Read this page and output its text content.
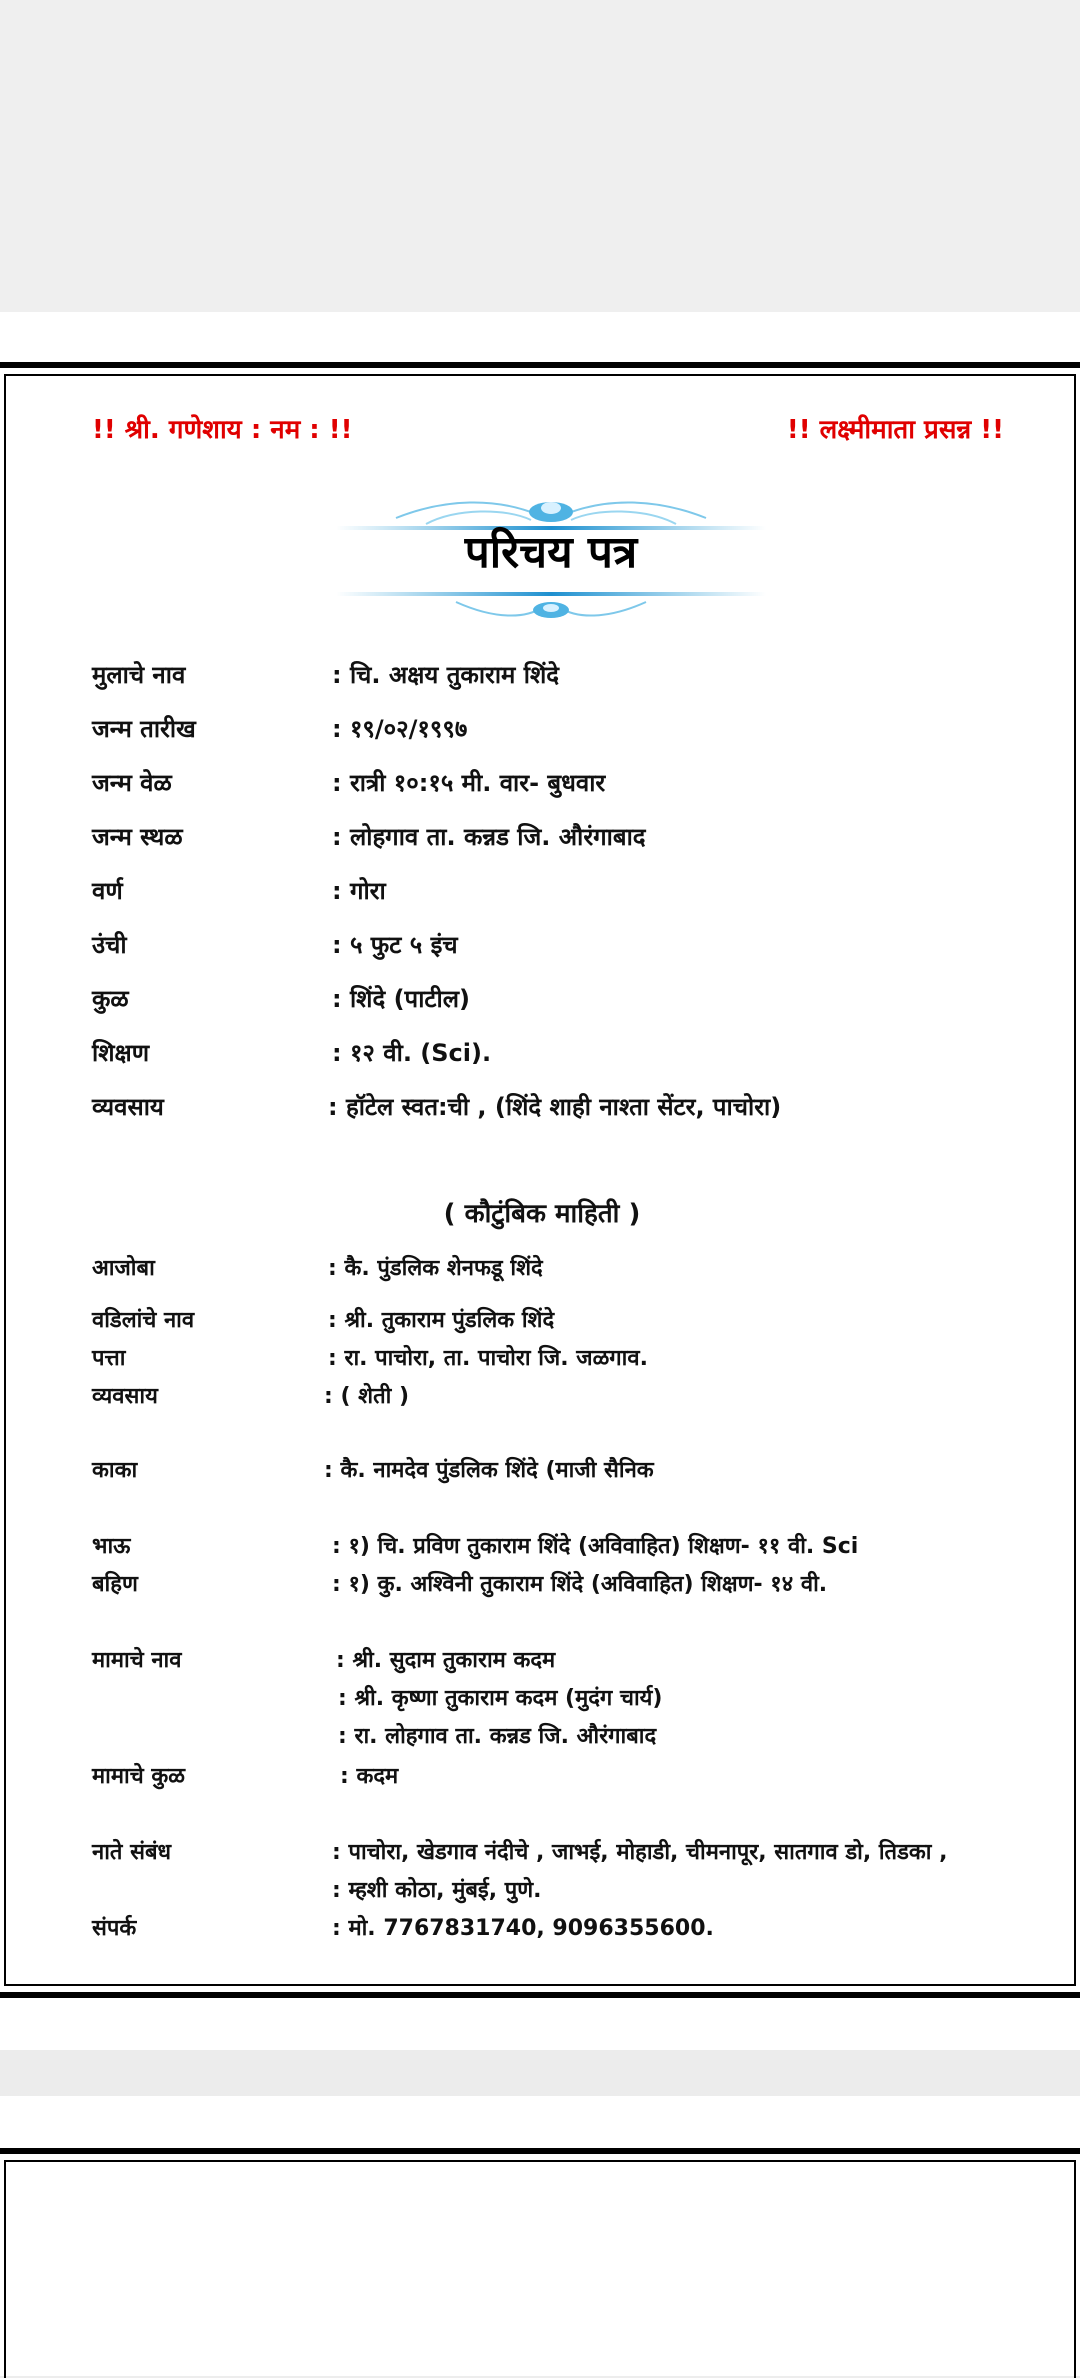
!! श्री. गणेशाय : नम : !!	!! लक्ष्मीमाता प्रसन्न !!
परिचय पत्र
मुलाचे नाव	: चि. अक्षय तुकाराम शिंदे
जन्म तारीख	: १९/०२/१९९७
जन्म वेळ	: रात्री १०:१५ मी. वार- बुधवार
जन्म स्थळ	: लोहगाव ता. कन्नड जि. औरंगाबाद
वर्ण	: गोरा
उंची	: ५ फुट ५ इंच
कुळ	: शिंदे (पाटील)
शिक्षण	: १२ वी. (Sci).
व्यवसाय	: हॉटेल स्वत:ची , (शिंदे शाही नाश्ता सेंटर, पाचोरा)
( कौटुंबिक माहिती )
आजोबा	: कै. पुंडलिक शेनफडू शिंदे
वडिलांचे नाव	: श्री. तुकाराम पुंडलिक शिंदे
पत्ता	: रा. पाचोरा, ता. पाचोरा जि. जळगाव.
व्यवसाय	: ( शेती )
काका	: कै. नामदेव पुंडलिक शिंदे (माजी सैनिक
भाऊ	: १) चि. प्रविण तुकाराम शिंदे (अविवाहित) शिक्षण- ११ वी. Sci
बहिण	: १) कु. अश्विनी तुकाराम शिंदे (अविवाहित) शिक्षण- १४ वी.
मामाचे नाव	: श्री. सुदाम तुकाराम कदम
: श्री. कृष्णा तुकाराम कदम (मुदंग चार्य)
: रा. लोहगाव ता. कन्नड जि. औरंगाबाद
मामाचे कुळ	: कदम
नाते संबंध	: पाचोरा, खेडगाव नंदीचे , जाभई, मोहाडी, चीमनापूर, सातगाव डो, तिडका ,
: म्हशी कोठा, मुंबई, पुणे.
संपर्क	: मो. 7767831740, 9096355600.
